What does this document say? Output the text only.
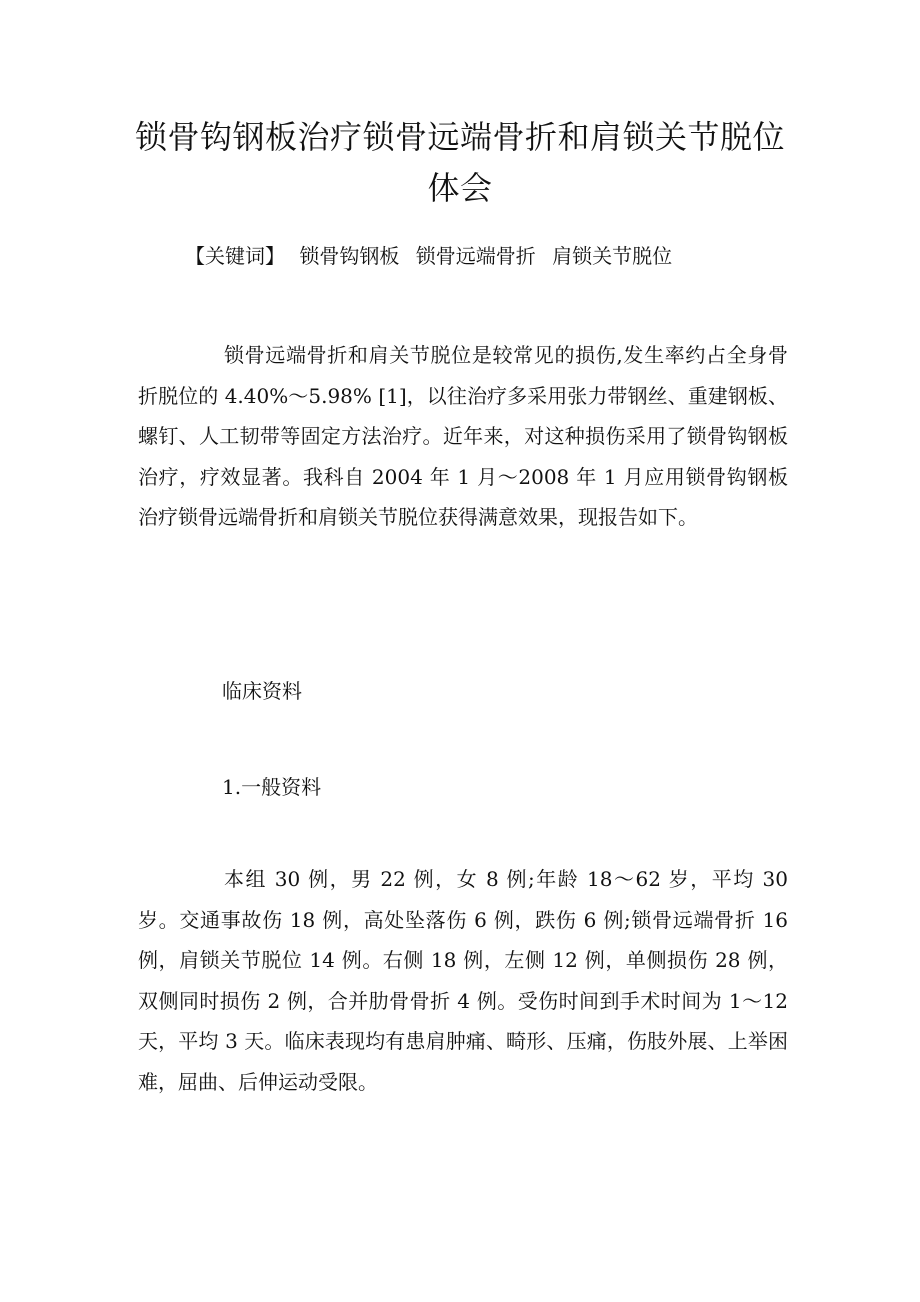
锁骨钩钢板治疗锁骨远端骨折和肩锁关节脱位体会
【关键词】 锁骨钩钢板 锁骨远端骨折 肩锁关节脱位

锁骨远端骨折和肩关节脱位是较常见的损伤,发生率约占全身骨折脱位的 4.40%～5.98% [1]，以往治疗多采用张力带钢丝、重建钢板、螺钉、人工韧带等固定方法治疗。近年来，对这种损伤采用了锁骨钩钢板治疗，疗效显著。我科自 2004 年 1 月～2008 年 1 月应用锁骨钩钢板治疗锁骨远端骨折和肩锁关节脱位获得满意效果，现报告如下。

临床资料
1.一般资料

本组 30 例，男 22 例，女 8 例;年龄 18～62 岁，平均 30 岁。交通事故伤 18 例，高处坠落伤 6 例，跌伤 6 例;锁骨远端骨折 16 例，肩锁关节脱位 14 例。右侧 18 例，左侧 12 例，单侧损伤 28 例，双侧同时损伤 2 例，合并肋骨骨折 4 例。受伤时间到手术时间为 1～12 天，平均 3 天。临床表现均有患肩肿痛、畸形、压痛，伤肢外展、上举困难，屈曲、后伸运动受限。
